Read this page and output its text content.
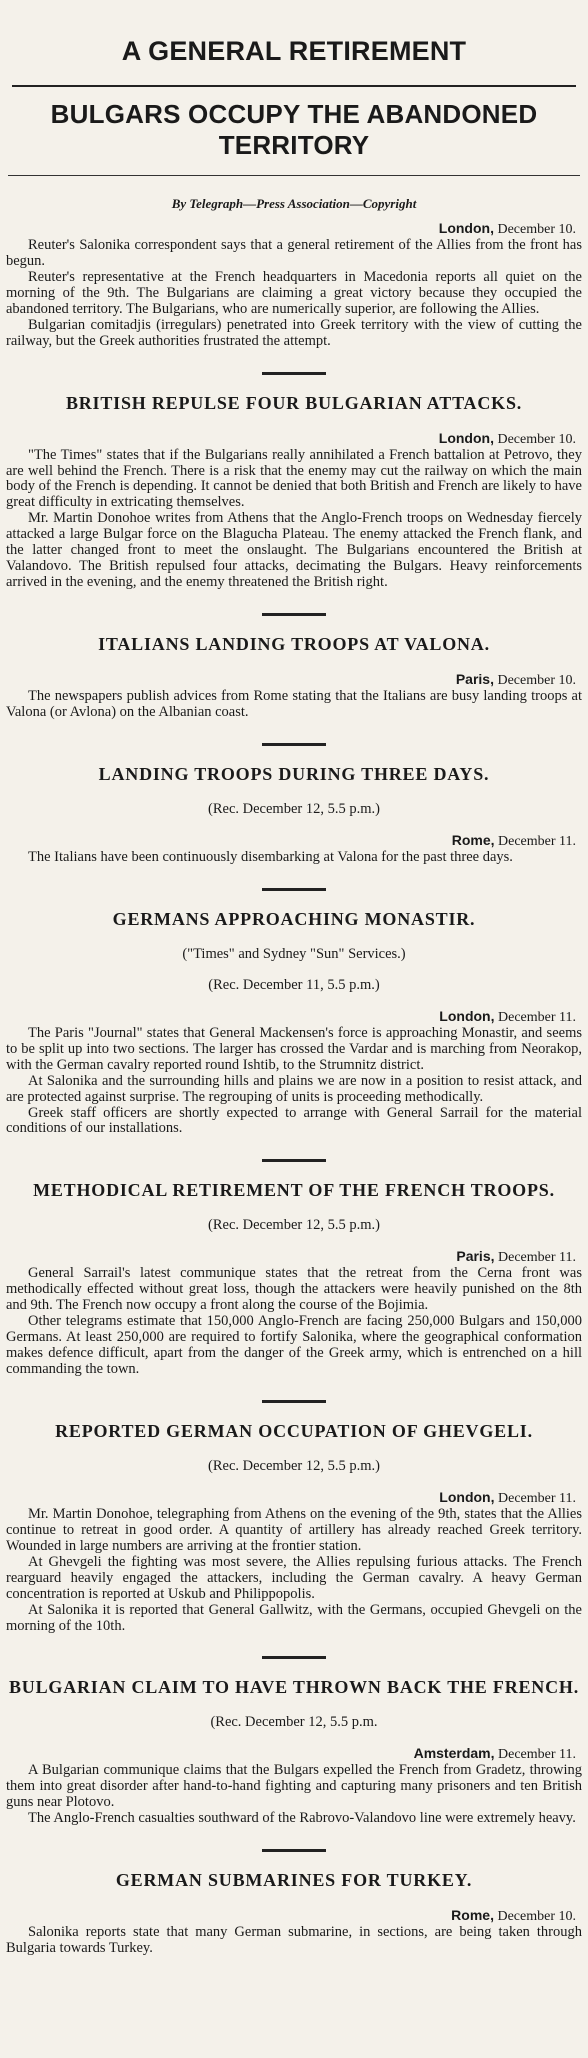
A GENERAL RETIREMENT
BULGARS OCCUPY THE ABANDONED TERRITORY
By Telegraph—Press Association—Copyright
London, December 10.

Reuter's Salonika correspondent says that a general retirement of the Allies from the front has begun.

Reuter's representative at the French headquarters in Macedonia reports all quiet on the morning of the 9th. The Bulgarians are claiming a great victory because they occupied the abandoned territory. The Bulgarians, who are numerically superior, are following the Allies.

Bulgarian comitadjis (irregulars) penetrated into Greek territory with the view of cutting the railway, but the Greek authorities frustrated the attempt.

BRITISH REPULSE FOUR BULGARIAN ATTACKS.
London, December 10.

"The Times" states that if the Bulgarians really annihilated a French battalion at Petrovo, they are well behind the French. There is a risk that the enemy may cut the railway on which the main body of the French is depending. It cannot be denied that both British and French are likely to have great difficulty in extricating themselves.

Mr. Martin Donohoe writes from Athens that the Anglo-French troops on Wednesday fiercely attacked a large Bulgar force on the Blagucha Plateau. The enemy attacked the French flank, and the latter changed front to meet the onslaught. The Bulgarians encountered the British at Valandovo. The British repulsed four attacks, decimating the Bulgars. Heavy reinforcements arrived in the evening, and the enemy threatened the British right.

ITALIANS LANDING TROOPS AT VALONA.
Paris, December 10.

The newspapers publish advices from Rome stating that the Italians are busy landing troops at Valona (or Avlona) on the Albanian coast.

LANDING TROOPS DURING THREE DAYS.
(Rec. December 12, 5.5 p.m.)
Rome, December 11.

The Italians have been continuously disembarking at Valona for the past three days.

GERMANS APPROACHING MONASTIR.
("Times" and Sydney "Sun" Services.)
(Rec. December 11, 5.5 p.m.)
London, December 11.

The Paris "Journal" states that General Mackensen's force is approaching Monastir, and seems to be split up into two sections. The larger has crossed the Vardar and is marching from Neorakop, with the German cavalry reported round Ishtib, to the Strumnitz district.

At Salonika and the surrounding hills and plains we are now in a position to resist attack, and are protected against surprise. The regrouping of units is proceeding methodically.

Greek staff officers are shortly expected to arrange with General Sarrail for the material conditions of our installations.

METHODICAL RETIREMENT OF THE FRENCH TROOPS.
(Rec. December 12, 5.5 p.m.)
Paris, December 11.

General Sarrail's latest communique states that the retreat from the Cerna front was methodically effected without great loss, though the attackers were heavily punished on the 8th and 9th. The French now occupy a front along the course of the Bojimia.

Other telegrams estimate that 150,000 Anglo-French are facing 250,000 Bulgars and 150,000 Germans. At least 250,000 are required to fortify Salonika, where the geographical conformation makes defence difficult, apart from the danger of the Greek army, which is entrenched on a hill commanding the town.

REPORTED GERMAN OCCUPATION OF GHEVGELI.
(Rec. December 12, 5.5 p.m.)
London, December 11.

Mr. Martin Donohoe, telegraphing from Athens on the evening of the 9th, states that the Allies continue to retreat in good order. A quantity of artillery has already reached Greek territory. Wounded in large numbers are arriving at the frontier station.

At Ghevgeli the fighting was most severe, the Allies repulsing furious attacks. The French rearguard heavily engaged the attackers, including the German cavalry. A heavy German concentration is reported at Uskub and Philippopolis.

At Salonika it is reported that General Gallwitz, with the Germans, occupied Ghevgeli on the morning of the 10th.

BULGARIAN CLAIM TO HAVE THROWN BACK THE FRENCH.
(Rec. December 12, 5.5 p.m.
Amsterdam, December 11.

A Bulgarian communique claims that the Bulgars expelled the French from Gradetz, throwing them into great disorder after hand-to-hand fighting and capturing many prisoners and ten British guns near Plotovo.

The Anglo-French casualties southward of the Rabrovo-Valandovo line were extremely heavy.

GERMAN SUBMARINES FOR TURKEY.
Rome, December 10.

Salonika reports state that many German submarine, in sections, are being taken through Bulgaria towards Turkey.
